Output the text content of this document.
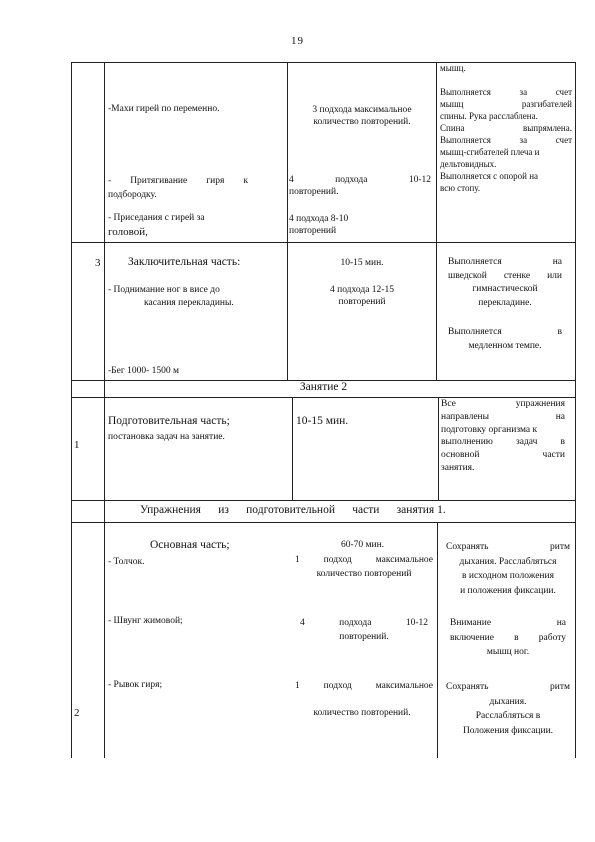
19
мышц.
Выполняется за счет
мышц разгибателей
спины. Рука расслаблена.
Спина выпрямлена.
Выполняется за счет
мышц-сгибателей плеча и
дельтовидных.
Выполняется с опорой на
всю стопу.
-Махи гирей по переменно.	3 подхода максимальное
количество повторений.
- Притягивание гиря к
подбородку.
4 подхода 10-12
повторений.
- Приседания с гирей за
головой,
4 подхода 8-10
повторений
3 Заключительная часть:
- Поднимание ног в висе до
касания перекладины.
-Бег 1000- 1500 м
10-15 мин.
4 подхода 12-15
повторений
Выполняется на
шведской стенке или
гимнастической
перекладине.
Выполняется в
медленном темпе.
Занятие 2
1
Подготовительная часть;
постановка задач на занятие.
10-15 мин.
Все упражнения
направлены на
подготовку организма к
выполнению задач в
основной части
занятия.
Упражнения      из      подготовительной      части      занятия 1.
2
Основная часть;
- Толчок.
- Швунг жимовой;
- Рывок гиря;
60-70 мин.
1 подход максимальное
количество повторений
4 подхода 10-12
повторений.
1 подход максимальное
количество повторений.
Сохранять ритм
дыхания. Расслабляться
в исходном положения
и положения фиксации.
Внимание на
включение в работу
мышц ног.
Сохранять ритм
дыхания.
Расслабляться в
Положения фиксации.
